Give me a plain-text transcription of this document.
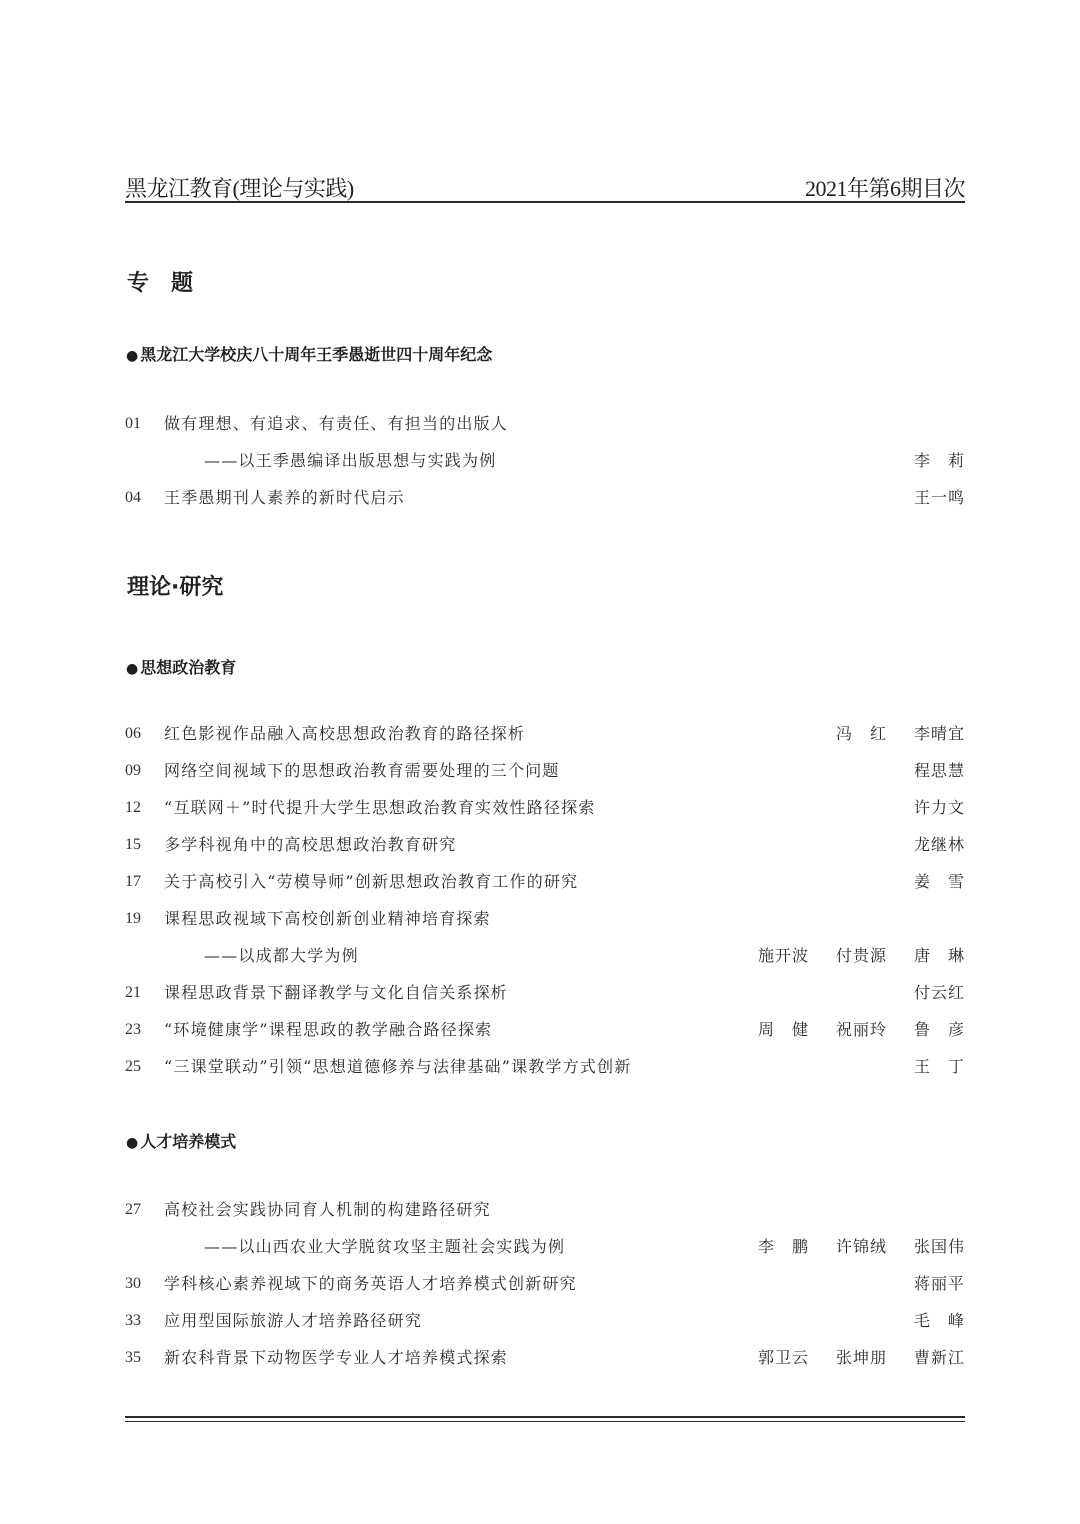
黑龙江教育(理论与实践)	2021年第6期目次
专　题
● 黑龙江大学校庆八十周年王季愚逝世四十周年纪念
01 做有理想、有追求、有责任、有担当的出版人
——以王季愚编译出版思想与实践为例	李　莉
04 王季愚期刊人素养的新时代启示	王一鸣
理论·研究
● 思想政治教育
06 红色影视作品融入高校思想政治教育的路径探析	冯　红 李晴宜
09 网络空间视域下的思想政治教育需要处理的三个问题	程思慧
12 “互联网＋”时代提升大学生思想政治教育实效性路径探索	许力文
15 多学科视角中的高校思想政治教育研究	龙继林
17 关于高校引入“劳模导师”创新思想政治教育工作的研究	姜　雪
19 课程思政视域下高校创新创业精神培育探索
——以成都大学为例	施开波 付贵源 唐　琳
21 课程思政背景下翻译教学与文化自信关系探析	付云红
23 “环境健康学”课程思政的教学融合路径探索	周　健 祝丽玲 鲁　彦
25 “三课堂联动”引领“思想道德修养与法律基础”课教学方式创新	王　丁
● 人才培养模式
27 高校社会实践协同育人机制的构建路径研究
——以山西农业大学脱贫攻坚主题社会实践为例	李　鹏 许锦绒 张国伟
30 学科核心素养视域下的商务英语人才培养模式创新研究	蒋丽平
33 应用型国际旅游人才培养路径研究	毛　峰
35 新农科背景下动物医学专业人才培养模式探索	郭卫云 张坤朋 曹新江
